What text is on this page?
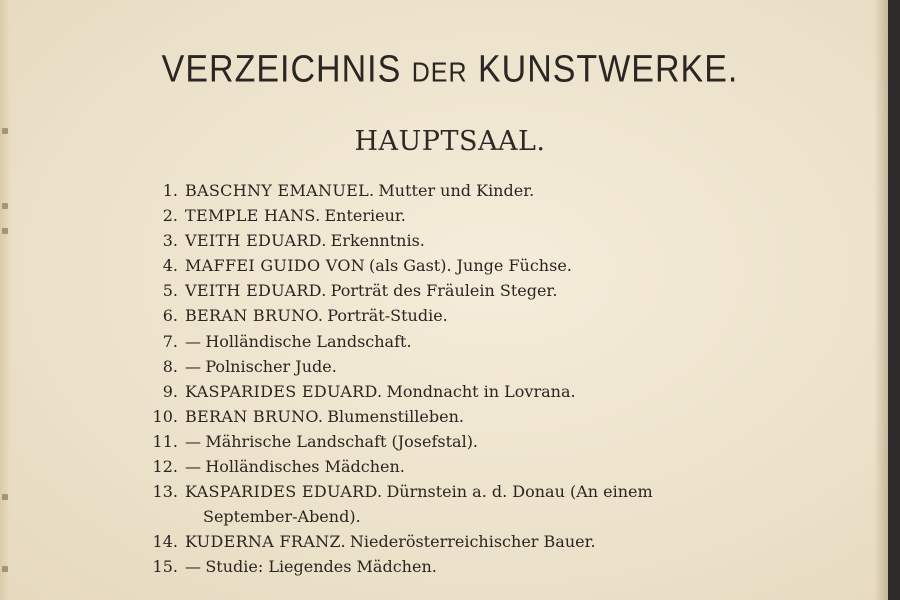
VERZEICHNIS DER KUNSTWERKE.
HAUPTSAAL.
1. BASCHNY EMANUEL. Mutter und Kinder.
2. TEMPLE HANS. Enterieur.
3. VEITH EDUARD. Erkenntnis.
4. MAFFEI GUIDO VON (als Gast). Junge Füchse.
5. VEITH EDUARD. Porträt des Fräulein Steger.
6. BERAN BRUNO. Porträt-Studie.
7. — Holländische Landschaft.
8. — Polnischer Jude.
9. KASPARIDES EDUARD. Mondnacht in Lovrana.
10. BERAN BRUNO. Blumenstilleben.
11. — Mährische Landschaft (Josefstal).
12. — Holländisches Mädchen.
13. KASPARIDES EDUARD. Dürnstein a. d. Donau (An einem
September-Abend).
14. KUDERNA FRANZ. Niederösterreichischer Bauer.
15. — Studie: Liegendes Mädchen.
